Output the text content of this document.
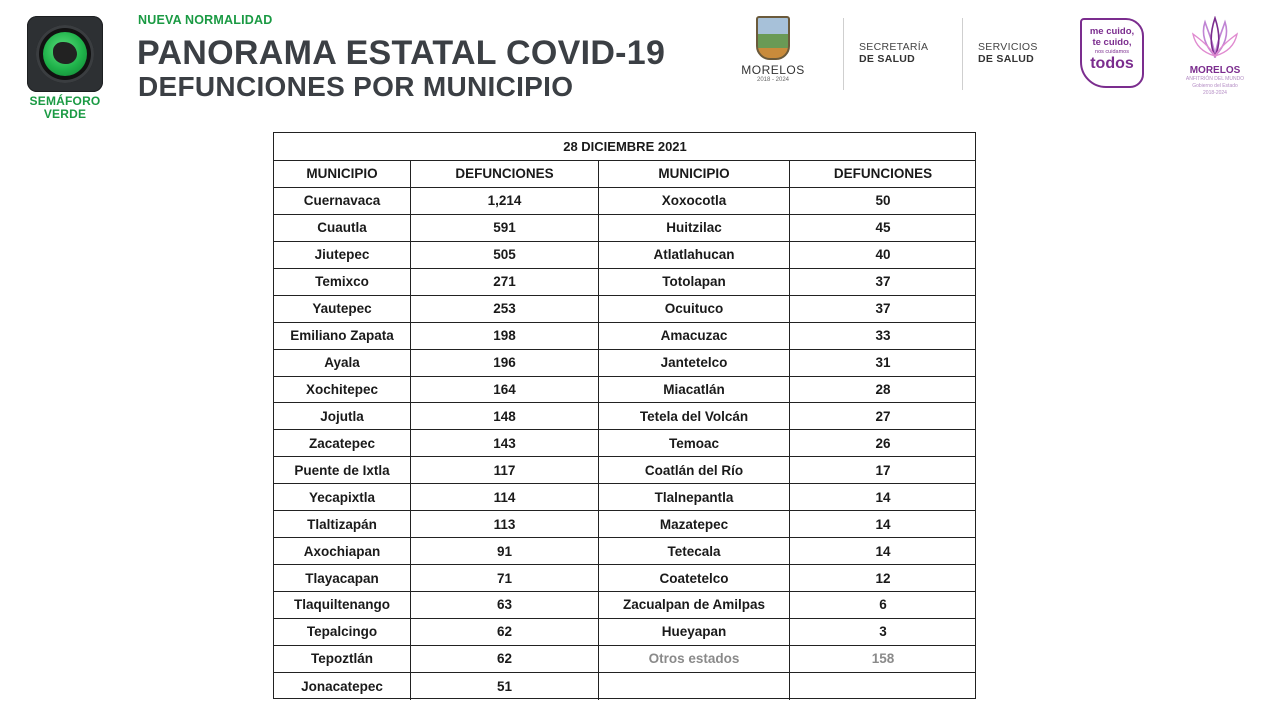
SEMÁFORO
VERDE
NUEVA NORMALIDAD
PANORAMA ESTATAL COVID-19
DEFUNCIONES POR MUNICIPIO
MORELOS
2018 - 2024
SECRETARÍA
DE SALUD
SERVICIOS
DE SALUD
me cuido,
te cuido,
nos cuidamos
todos	MORELOS
ANFITRIÓN DEL MUNDO
Gobierno del Estado
2018-2024
28 DICIEMBRE 2021
MUNICIPIO	DEFUNCIONES	MUNICIPIO	DEFUNCIONES
Cuernavaca	1,214	Xoxocotla	50
Cuautla	591	Huitzilac	45
Jiutepec	505	Atlatlahucan	40
Temixco	271	Totolapan	37
Yautepec	253	Ocuituco	37
Emiliano Zapata	198	Amacuzac	33
Ayala	196	Jantetelco	31
Xochitepec	164	Miacatlán	28
Jojutla	148	Tetela del Volcán	27
Zacatepec	143	Temoac	26
Puente de Ixtla	117	Coatlán del Río	17
Yecapixtla	114	Tlalnepantla	14
Tlaltizapán	113	Mazatepec	14
Axochiapan	91	Tetecala	14
Tlayacapan	71	Coatetelco	12
Tlaquiltenango	63	Zacualpan de Amilpas	6
Tepalcingo	62	Hueyapan	3
Tepoztlán	62	Otros estados	158
Jonacatepec	51
